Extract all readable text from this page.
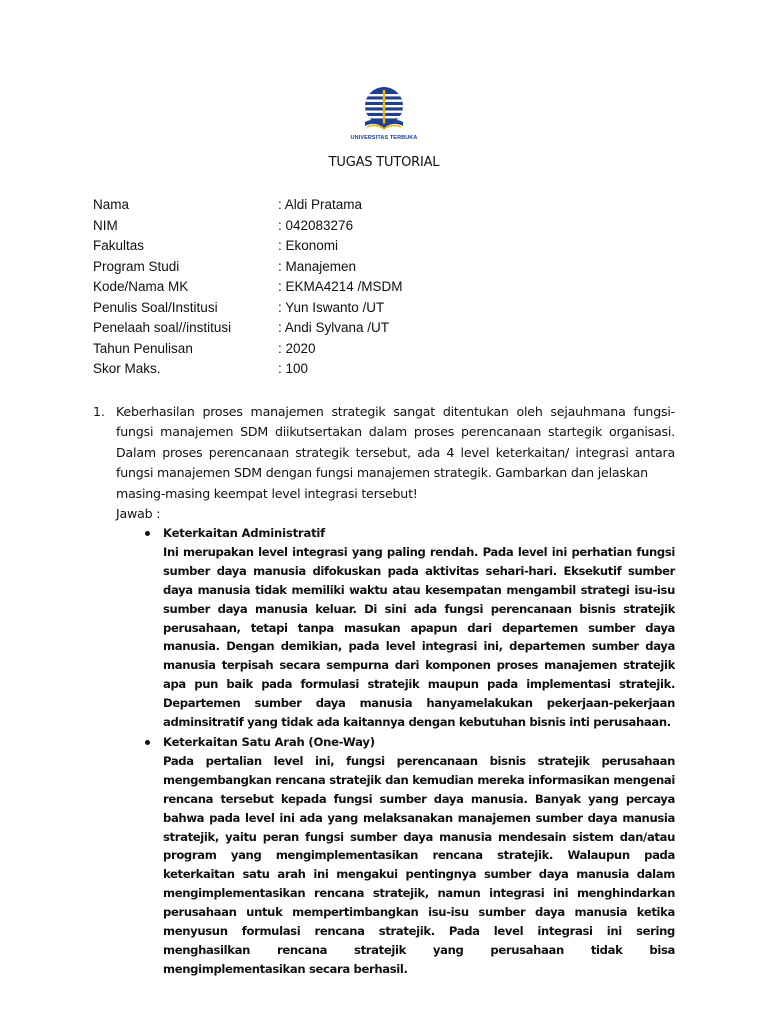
UNIVERSITAS TERBUKA
TUGAS TUTORIAL
Nama	: Aldi Pratama
NIM	: 042083276
Fakultas	: Ekonomi
Program Studi	: Manajemen
Kode/Nama MK	: EKMA4214 /MSDM
Penulis Soal/Institusi	: Yun Iswanto /UT
Penelaah soal//institusi	: Andi Sylvana /UT
Tahun Penulisan	: 2020
Skor Maks.	: 100
1. Keberhasilan proses manajemen strategik sangat ditentukan oleh sejauhmana fungsi-fungsi manajemen SDM diikutsertakan dalam proses perencanaan startegik organisasi. Dalam proses perencanaan strategik tersebut, ada 4 level keterkaitan/ integrasi antara fungsi manajemen SDM dengan fungsi manajemen strategik. Gambarkan dan jelaskan
masing-masing keempat level integrasi tersebut!
Jawab :
Keterkaitan Administratif
Ini merupakan level integrasi yang paling rendah. Pada level ini perhatian fungsi sumber daya manusia difokuskan pada aktivitas sehari-hari. Eksekutif sumber daya manusia tidak memiliki waktu atau kesempatan mengambil strategi isu-isu sumber daya manusia keluar. Di sini ada fungsi perencanaan bisnis stratejik perusahaan, tetapi tanpa masukan apapun dari departemen sumber daya manusia. Dengan demikian, pada level integrasi ini, departemen sumber daya manusia terpisah secara sempurna dari komponen proses manajemen stratejik apa pun baik pada formulasi stratejik maupun pada implementasi stratejik. Departemen sumber daya manusia hanyamelakukan pekerjaan-pekerjaan adminsitratif yang tidak ada kaitannya dengan kebutuhan bisnis inti perusahaan.
Keterkaitan Satu Arah (One-Way)
Pada pertalian level ini, fungsi perencanaan bisnis stratejik perusahaan mengembangkan rencana stratejik dan kemudian mereka informasikan mengenai rencana tersebut kepada fungsi sumber daya manusia. Banyak yang percaya bahwa pada level ini ada yang melaksanakan manajemen sumber daya manusia stratejik, yaitu peran fungsi sumber daya manusia mendesain sistem dan/atau program yang mengimplementasikan rencana stratejik. Walaupun pada keterkaitan satu arah ini mengakui pentingnya sumber daya manusia dalam mengimplementasikan rencana stratejik, namun integrasi ini menghindarkan perusahaan untuk mempertimbangkan isu-isu sumber daya manusia ketika menyusun formulasi rencana stratejik. Pada level integrasi ini sering menghasilkan rencana stratejik yang perusahaan tidak bisa mengimplementasikan secara berhasil.
